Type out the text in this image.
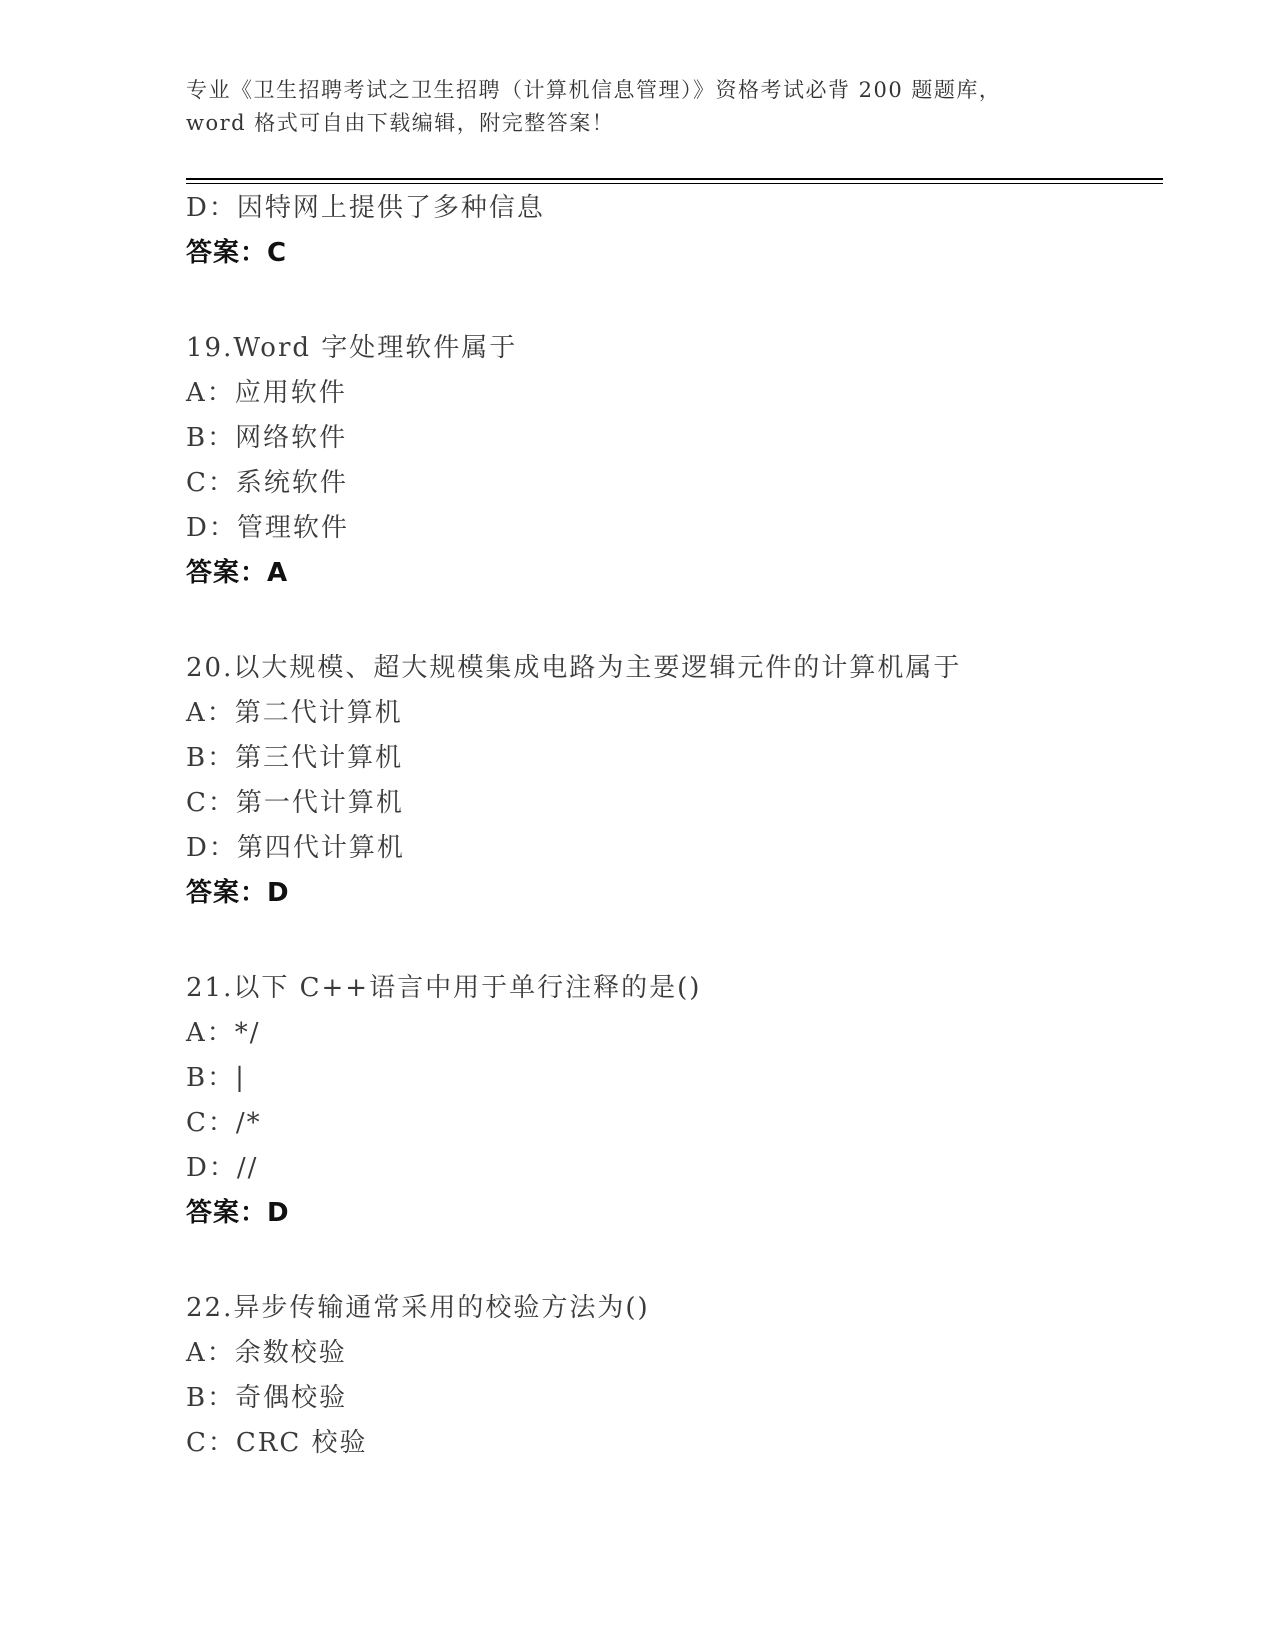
专业《卫生招聘考试之卫生招聘（计算机信息管理）》资格考试必背 200 题题库，
word 格式可自由下载编辑，附完整答案！
D：因特网上提供了多种信息
答案：C
19.Word 字处理软件属于
A：应用软件
B：网络软件
C：系统软件
D：管理软件
答案：A
20.以大规模、超大规模集成电路为主要逻辑元件的计算机属于
A：第二代计算机
B：第三代计算机
C：第一代计算机
D：第四代计算机
答案：D
21.以下 C++语言中用于单行注释的是()
A：*/
B：|
C：/*
D：//
答案：D
22.异步传输通常采用的校验方法为()
A：余数校验
B：奇偶校验
C：CRC 校验
